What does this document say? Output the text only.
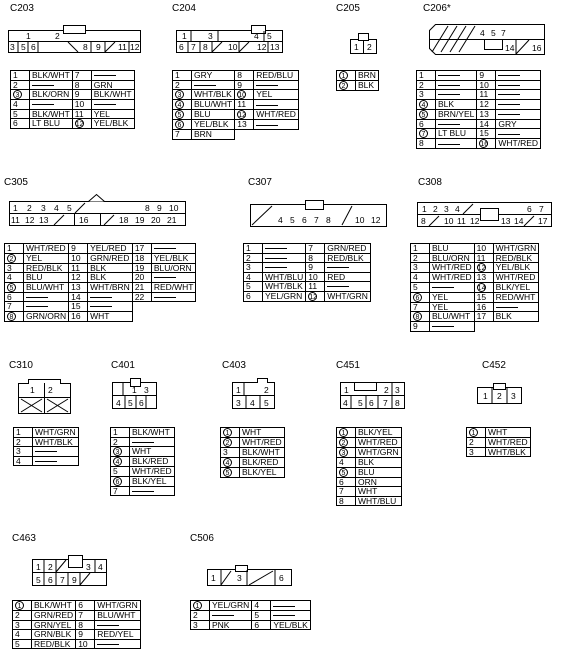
C203	C204	C205	C206*
C305	C307	C308
C310	C401	C403	C451	C452
C463	C506
1	2
3 5 6	8 9 11 12
1	3	4 5
6 7 8 10 12 13	1 2
4 5 7
14 16
1 2 3 4 5	8 9 10
11 12 13	16	18 19 20 21	4 5 6 7 8	10 12
1 2 3 4	6 7
8 10 11 12	13 14 17
1 2	1 3
4 5 6
1	2
3 4 5
1	2 3
4 5 6 7 8
1 2 3
1 2	3 4
5 6 7 9	1	3	6
1	BLK/WHT	7	
2		8	GRN
3	BLK/ORN	9	BLK/WHT
4		10	
5	BLK/WHT	11	YEL
6	LT BLU	12	YEL/BLK
1	GRY	8	RED/BLU
2		9	
3	WHT/BLK	10	YEL
4	BLU/WHT	11	
5	BLU	12	WHT/RED
6	YEL/BLK	13	
7	BRN		
1	BRN
2	BLK
1		9	
2		10	
3		11	
4	BLK	12	
5	BRN/YEL	13	
6		14	GRY
7	LT BLU	15	
8		16	WHT/RED
1	WHT/RED	9	YEL/RED	17	
2	YEL	10	GRN/RED	18	YEL/BLK
3	RED/BLK	11	BLK	19	BLU/ORN
4	BLU	12	BLK	20	
5	BLU/WHT	13	WHT/BRN	21	RED/WHT
6		14		22	
7		15			
8	GRN/ORN	16	WHT		
1		7	GRN/RED
2		8	RED/BLK
3		9	
4	WHT/BLU	10	RED
5	WHT/BLK	11	
6	YEL/GRN	12	WHT/GRN
1	BLU	10	WHT/GRN
2	BLU/ORN	11	RED/BLK
3	WHT/RED	12	YEL/BLK
4	WHT/RED	13	WHT/RED
5		14	BLK/YEL
6	YEL	15	RED/WHT
7	YEL	16	
8	BLU/WHT	17	BLK
9			
1	WHT/GRN
2	WHT/BLK
3	
4	
1	BLK/WHT
2	
3	WHT
4	BLK/RED
5	WHT/RED
6	BLK/YEL
7	
1	WHT
2	WHT/RED
3	BLK/WHT
4	BLK/RED
5	BLK/YEL
1	BLK/YEL
2	WHT/RED
3	WHT/GRN
4	BLK
5	BLU
6	ORN
7	WHT
8	WHT/BLU
1	WHT
2	WHT/RED
3	WHT/BLK
1	BLK/WHT	6	WHT/GRN
2	GRN/RED	7	BLU/WHT
3	GRN/YEL	8	
4	GRN/BLK	9	RED/YEL
5	RED/BLK	10	
1	YEL/GRN	4	
2		5	
3	PNK	6	YEL/BLK
